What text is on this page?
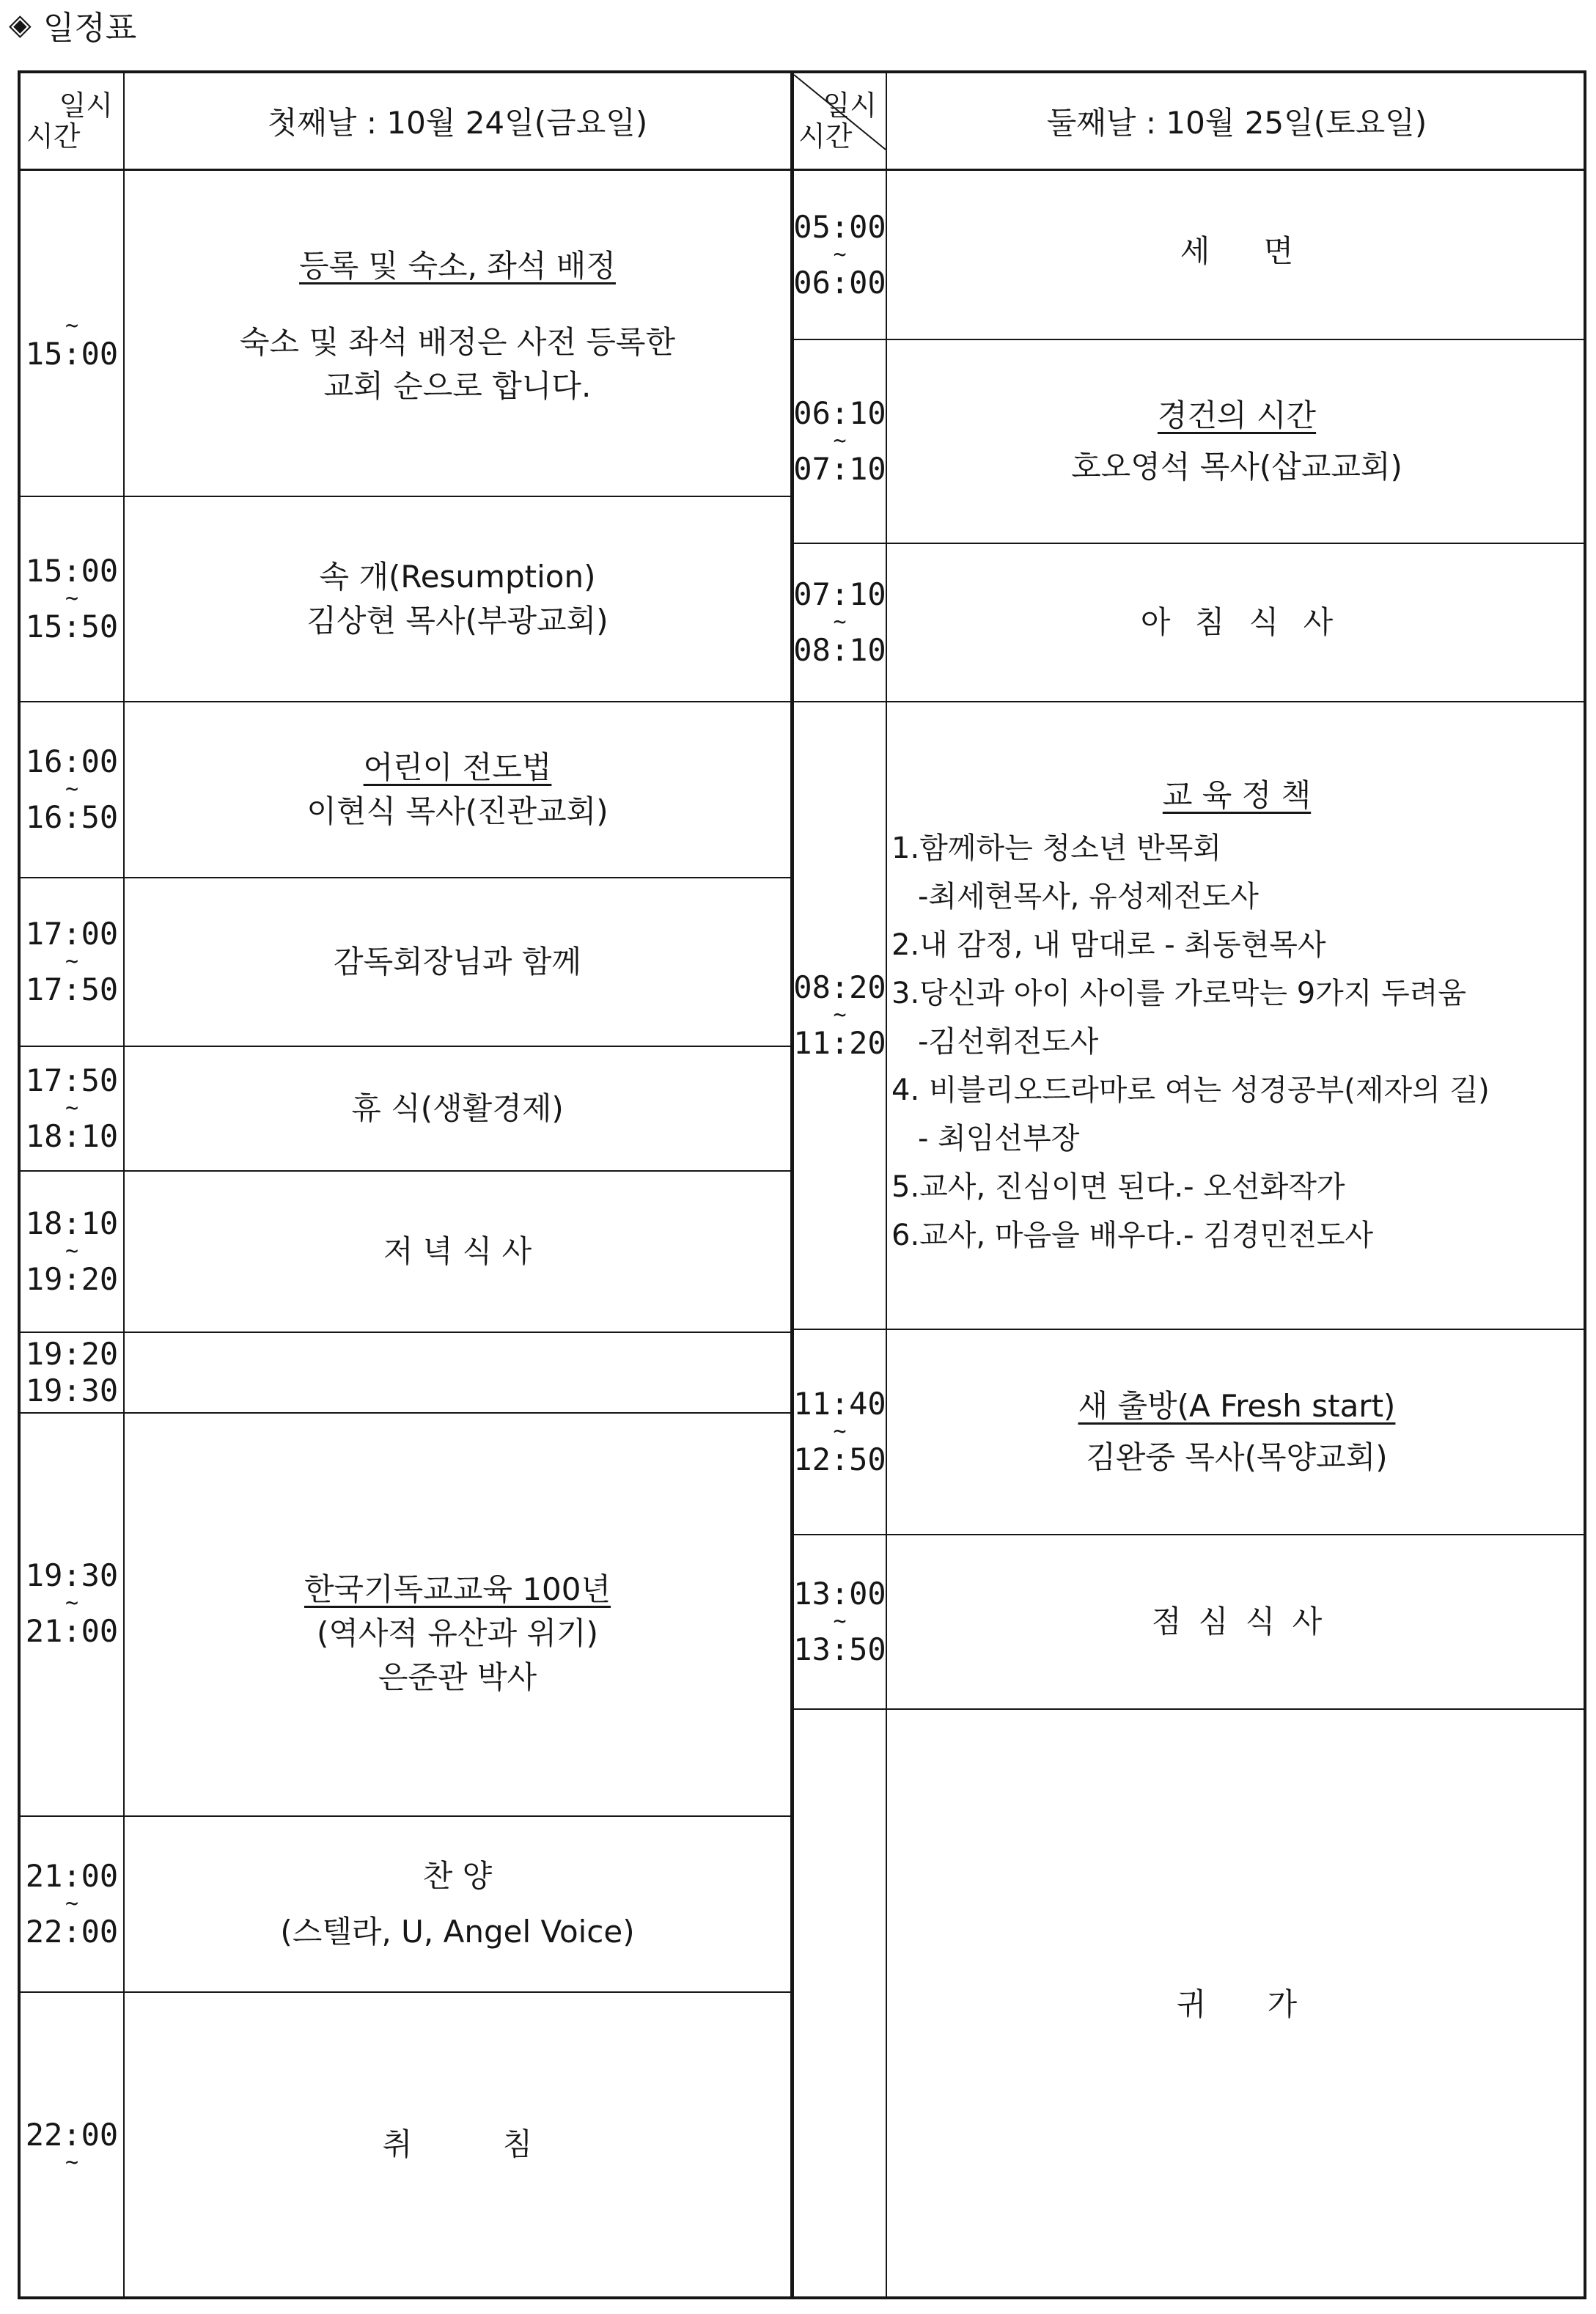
◈ 일정표
일시
시간
일시
시간
첫째날 : 10월 24일(금요일)	둘째날 : 10월 25일(토요일)
~
15:00
등록 및 숙소, 좌석 배정
숙소 및 좌석 배정은 사전 등록한
교회 순으로 합니다.
15:00
~
15:50
속 개(Resumption)
김상현 목사(부광교회)
16:00
~
16:50
어린이 전도법
이현식 목사(진관교회)
17:00
~
17:50
감독회장님과 함께
17:50
~
18:10
휴 식(생활경제)
18:10
~
19:20
저 녁 식 사
19:20
19:30
19:30
~
21:00
한국기독교교육 100년
(역사적 유산과 위기)
은준관 박사
21:00
~
22:00
찬 양
(스텔라, U, Angel Voice)
22:00
~
취 침
05:00
~
06:00
세 면
06:10
~
07:10
경건의 시간
호오영석 목사(삽교교회)
07:10
~
08:10
아 침 식 사
08:20
~
11:20
교 육 정 책
1.함께하는 청소년 반목회
-최세현목사, 유성제전도사
2.내 감정, 내 맘대로 - 최동현목사
3.당신과 아이 사이를 가로막는 9가지 두려움
-김선휘전도사
4. 비블리오드라마로 여는 성경공부(제자의 길)
- 최임선부장
5.교사, 진심이면 된다.- 오선화작가
6.교사, 마음을 배우다.- 김경민전도사
11:40
~
12:50
새 출방(A Fresh start)
김완중 목사(목양교회)
13:00
~
13:50
점 심 식 사
귀 가
